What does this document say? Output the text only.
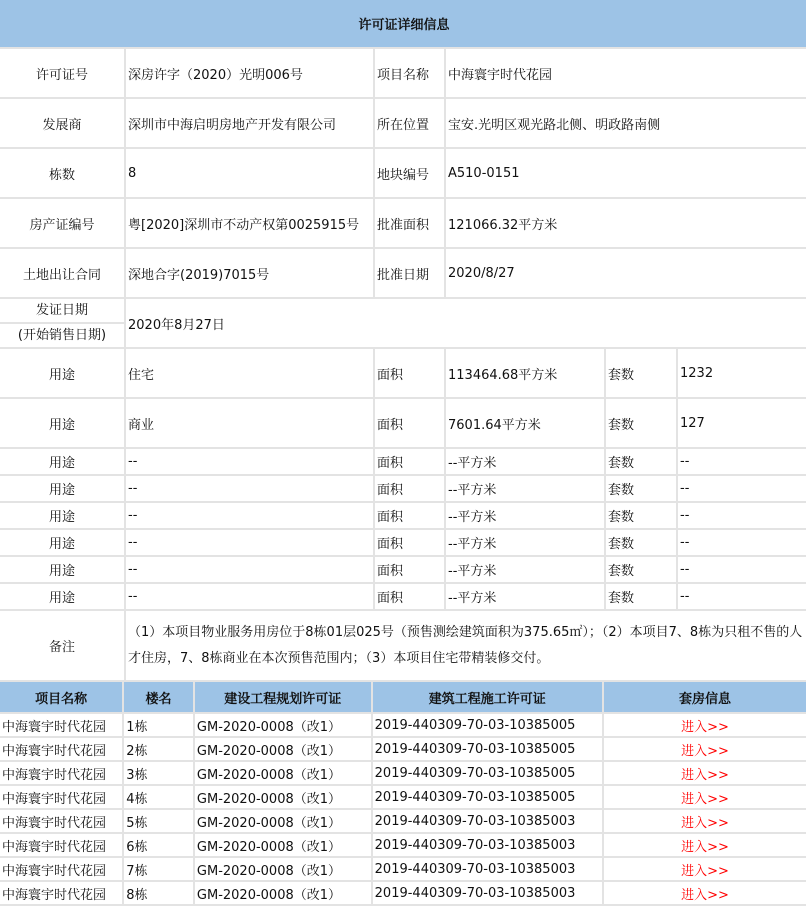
许可证详细信息					
许可证号	深房许字（2020）光明006号	项目名称	中海寰宇时代花园		
发展商	深圳市中海启明房地产开发有限公司	所在位置	宝安.光明区观光路北侧、明政路南侧		
栋数	8	地块编号	A510-0151		
房产证编号	粤[2020]深圳市不动产权第0025915号	批准面积	121066.32平方米		
土地出让合同	深地合字(2019)7015号	批准日期	2020/8/27		

发证日期
(开始销售日期)	2020年8月27日				
用途	住宅	面积	113464.68平方米	套数	1232
用途	商业	面积	7601.64平方米	套数	127
用途	--	面积	--平方米	套数	--
用途	--	面积	--平方米	套数	--
用途	--	面积	--平方米	套数	--
用途	--	面积	--平方米	套数	--
用途	--	面积	--平方米	套数	--
用途	--	面积	--平方米	套数	--
备注	（1）本项目物业服务用房位于8栋01层025号（预售测绘建筑面积为375.65㎡）；（2）本项目7、8栋为只租不售的人才住房，7、8栋商业在本次预售范围内；（3）本项目住宅带精装修交付。				
项目名称	楼名	建设工程规划许可证	建筑工程施工许可证	套房信息
中海寰宇时代花园	1栋	GM-2020-0008（改1）	2019-440309-70-03-10385005	进入>>
中海寰宇时代花园	2栋	GM-2020-0008（改1）	2019-440309-70-03-10385005	进入>>
中海寰宇时代花园	3栋	GM-2020-0008（改1）	2019-440309-70-03-10385005	进入>>
中海寰宇时代花园	4栋	GM-2020-0008（改1）	2019-440309-70-03-10385005	进入>>
中海寰宇时代花园	5栋	GM-2020-0008（改1）	2019-440309-70-03-10385003	进入>>
中海寰宇时代花园	6栋	GM-2020-0008（改1）	2019-440309-70-03-10385003	进入>>
中海寰宇时代花园	7栋	GM-2020-0008（改1）	2019-440309-70-03-10385003	进入>>
中海寰宇时代花园	8栋	GM-2020-0008（改1）	2019-440309-70-03-10385003	进入>>
